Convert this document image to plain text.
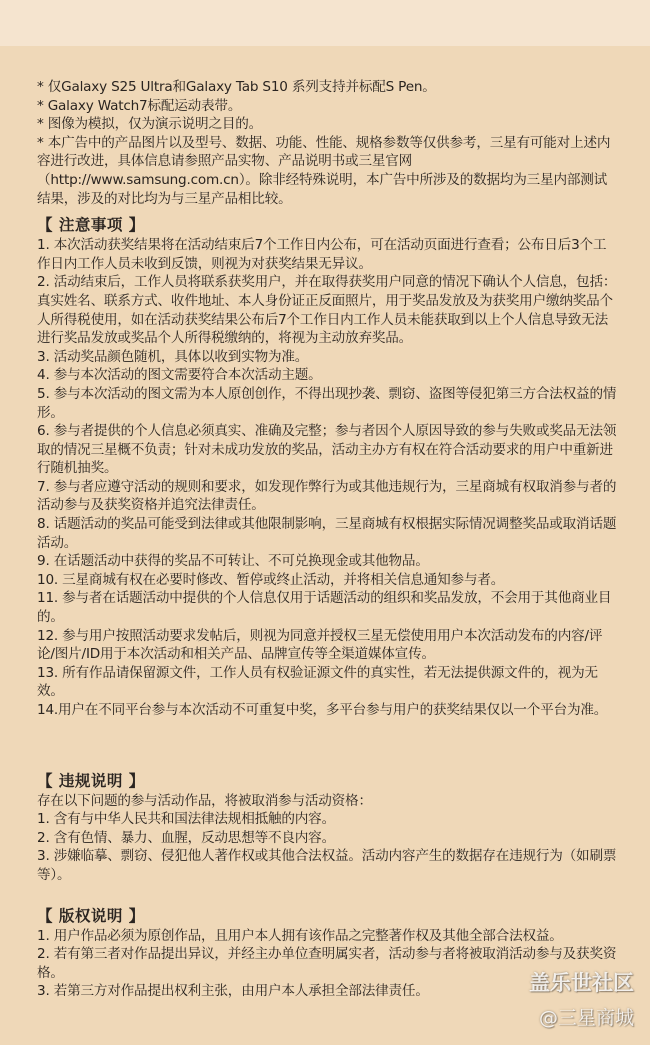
* 仅Galaxy S25 Ultra和Galaxy Tab S10 系列支持并标配S Pen。

* Galaxy Watch7标配运动表带。

* 图像为模拟，仅为演示说明之目的。

* 本广告中的产品图片以及型号、数据、功能、性能、规格参数等仅供参考，三星有可能对上述内容进行改进，具体信息请参照产品实物、产品说明书或三星官网（http://www.samsung.com.cn）。除非经特殊说明，本广告中所涉及的数据均为三星内部测试结果，涉及的对比均为与三星产品相比较。

【 注意事项 】

1. 本次活动获奖结果将在活动结束后7个工作日内公布，可在活动页面进行查看；公布日后3个工作日内工作人员未收到反馈，则视为对获奖结果无异议。

2. 活动结束后，工作人员将联系获奖用户，并在取得获奖用户同意的情况下确认个人信息，包括：真实姓名、联系方式、收件地址、本人身份证正反面照片，用于奖品发放及为获奖用户缴纳奖品个人所得税使用，如在活动获奖结果公布后7个工作日内工作人员未能获取到以上个人信息导致无法进行奖品发放或奖品个人所得税缴纳的，将视为主动放弃奖品。

3. 活动奖品颜色随机，具体以收到实物为准。

4. 参与本次活动的图文需要符合本次活动主题。

5. 参与本次活动的图文需为本人原创创作，不得出现抄袭、剽窃、盗图等侵犯第三方合法权益的情形。

6. 参与者提供的个人信息必须真实、准确及完整；参与者因个人原因导致的参与失败或奖品无法领取的情况三星概不负责；针对未成功发放的奖品，活动主办方有权在符合活动要求的用户中重新进行随机抽奖。

7. 参与者应遵守活动的规则和要求，如发现作弊行为或其他违规行为，三星商城有权取消参与者的活动参与及获奖资格并追究法律责任。

8. 话题活动的奖品可能受到法律或其他限制影响，三星商城有权根据实际情况调整奖品或取消话题活动。

9. 在话题活动中获得的奖品不可转让、不可兑换现金或其他物品。

10. 三星商城有权在必要时修改、暂停或终止活动，并将相关信息通知参与者。

11. 参与者在话题活动中提供的个人信息仅用于话题活动的组织和奖品发放，不会用于其他商业目的。

12. 参与用户按照活动要求发帖后，则视为同意并授权三星无偿使用用户本次活动发布的内容/评论/图片/ID用于本次活动和相关产品、品牌宣传等全渠道媒体宣传。

13. 所有作品请保留源文件，工作人员有权验证源文件的真实性，若无法提供源文件的，视为无效。

14.用户在不同平台参与本次活动不可重复中奖，多平台参与用户的获奖结果仅以一个平台为准。

【 违规说明 】

存在以下问题的参与活动作品，将被取消参与活动资格：

1. 含有与中华人民共和国法律法规相抵触的内容。

2. 含有色情、暴力、血腥，反动思想等不良内容。

3. 涉嫌临摹、剽窃、侵犯他人著作权或其他合法权益。活动内容产生的数据存在违规行为（如刷票等）。

【 版权说明 】

1. 用户作品必须为原创作品，且用户本人拥有该作品之完整著作权及其他全部合法权益。

2. 若有第三者对作品提出异议，并经主办单位查明属实者，活动参与者将被取消活动参与及获奖资格。

3. 若第三方对作品提出权利主张，由用户本人承担全部法律责任。	盖乐世社区
@三星商城
